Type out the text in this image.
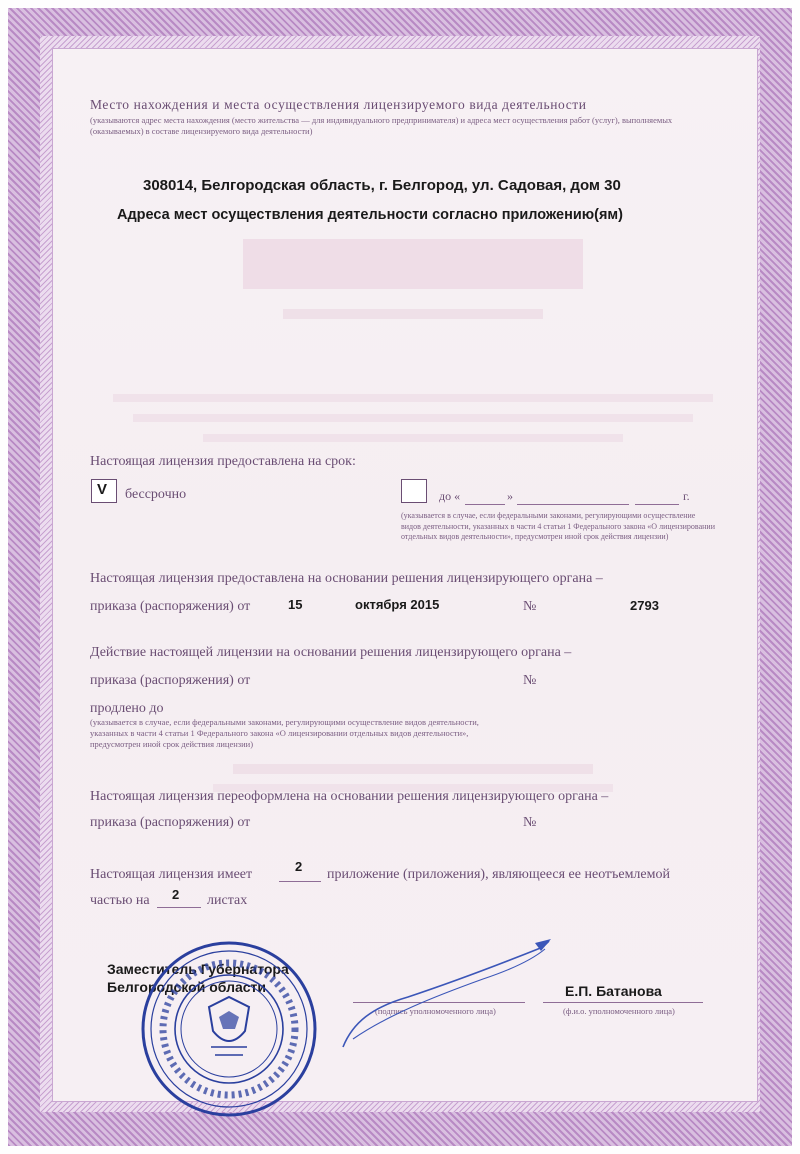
Место нахождения и места осуществления лицензируемого вида деятельности
(указываются адрес места нахождения (место жительства — для индивидуального предпринимателя) и адреса мест осуществления работ (услуг), выполняемых (оказываемых) в составе лицензируемого вида деятельности)
308014, Белгородская область, г. Белгород, ул. Садовая, дом 30
Адреса мест осуществления деятельности согласно приложению(ям)
Настоящая лицензия предоставлена на срок:
V бессрочно	до «	»	г.
(указывается в случае, если федеральными законами, регулирующими осуществление видов деятельности, указанных в части 4 статьи 1 Федерального закона «О лицензировании отдельных видов деятельности», предусмотрен иной срок действия лицензии)
Настоящая лицензия предоставлена на основании решения лицензирующего органа –
приказа (распоряжения) от	15	октября 2015	№	2793
Действие настоящей лицензии на основании решения лицензирующего органа –
приказа (распоряжения) от	№
продлено до
(указывается в случае, если федеральными законами, регулирующими осуществление видов деятельности, указанных в части 4 статьи 1 Федерального закона «О лицензировании отдельных видов деятельности», предусмотрен иной срок действия лицензии)
Настоящая лицензия переоформлена на основании решения лицензирующего органа –
приказа (распоряжения) от	№
Настоящая лицензия имеет
2
приложение (приложения), являющееся ее неотъемлемой
частью на 2 листах
Заместитель Губернатора
Белгородской области
(подпись уполномоченного лица)
Е.П. Батанова
(ф.и.о. уполномоченного лица)
